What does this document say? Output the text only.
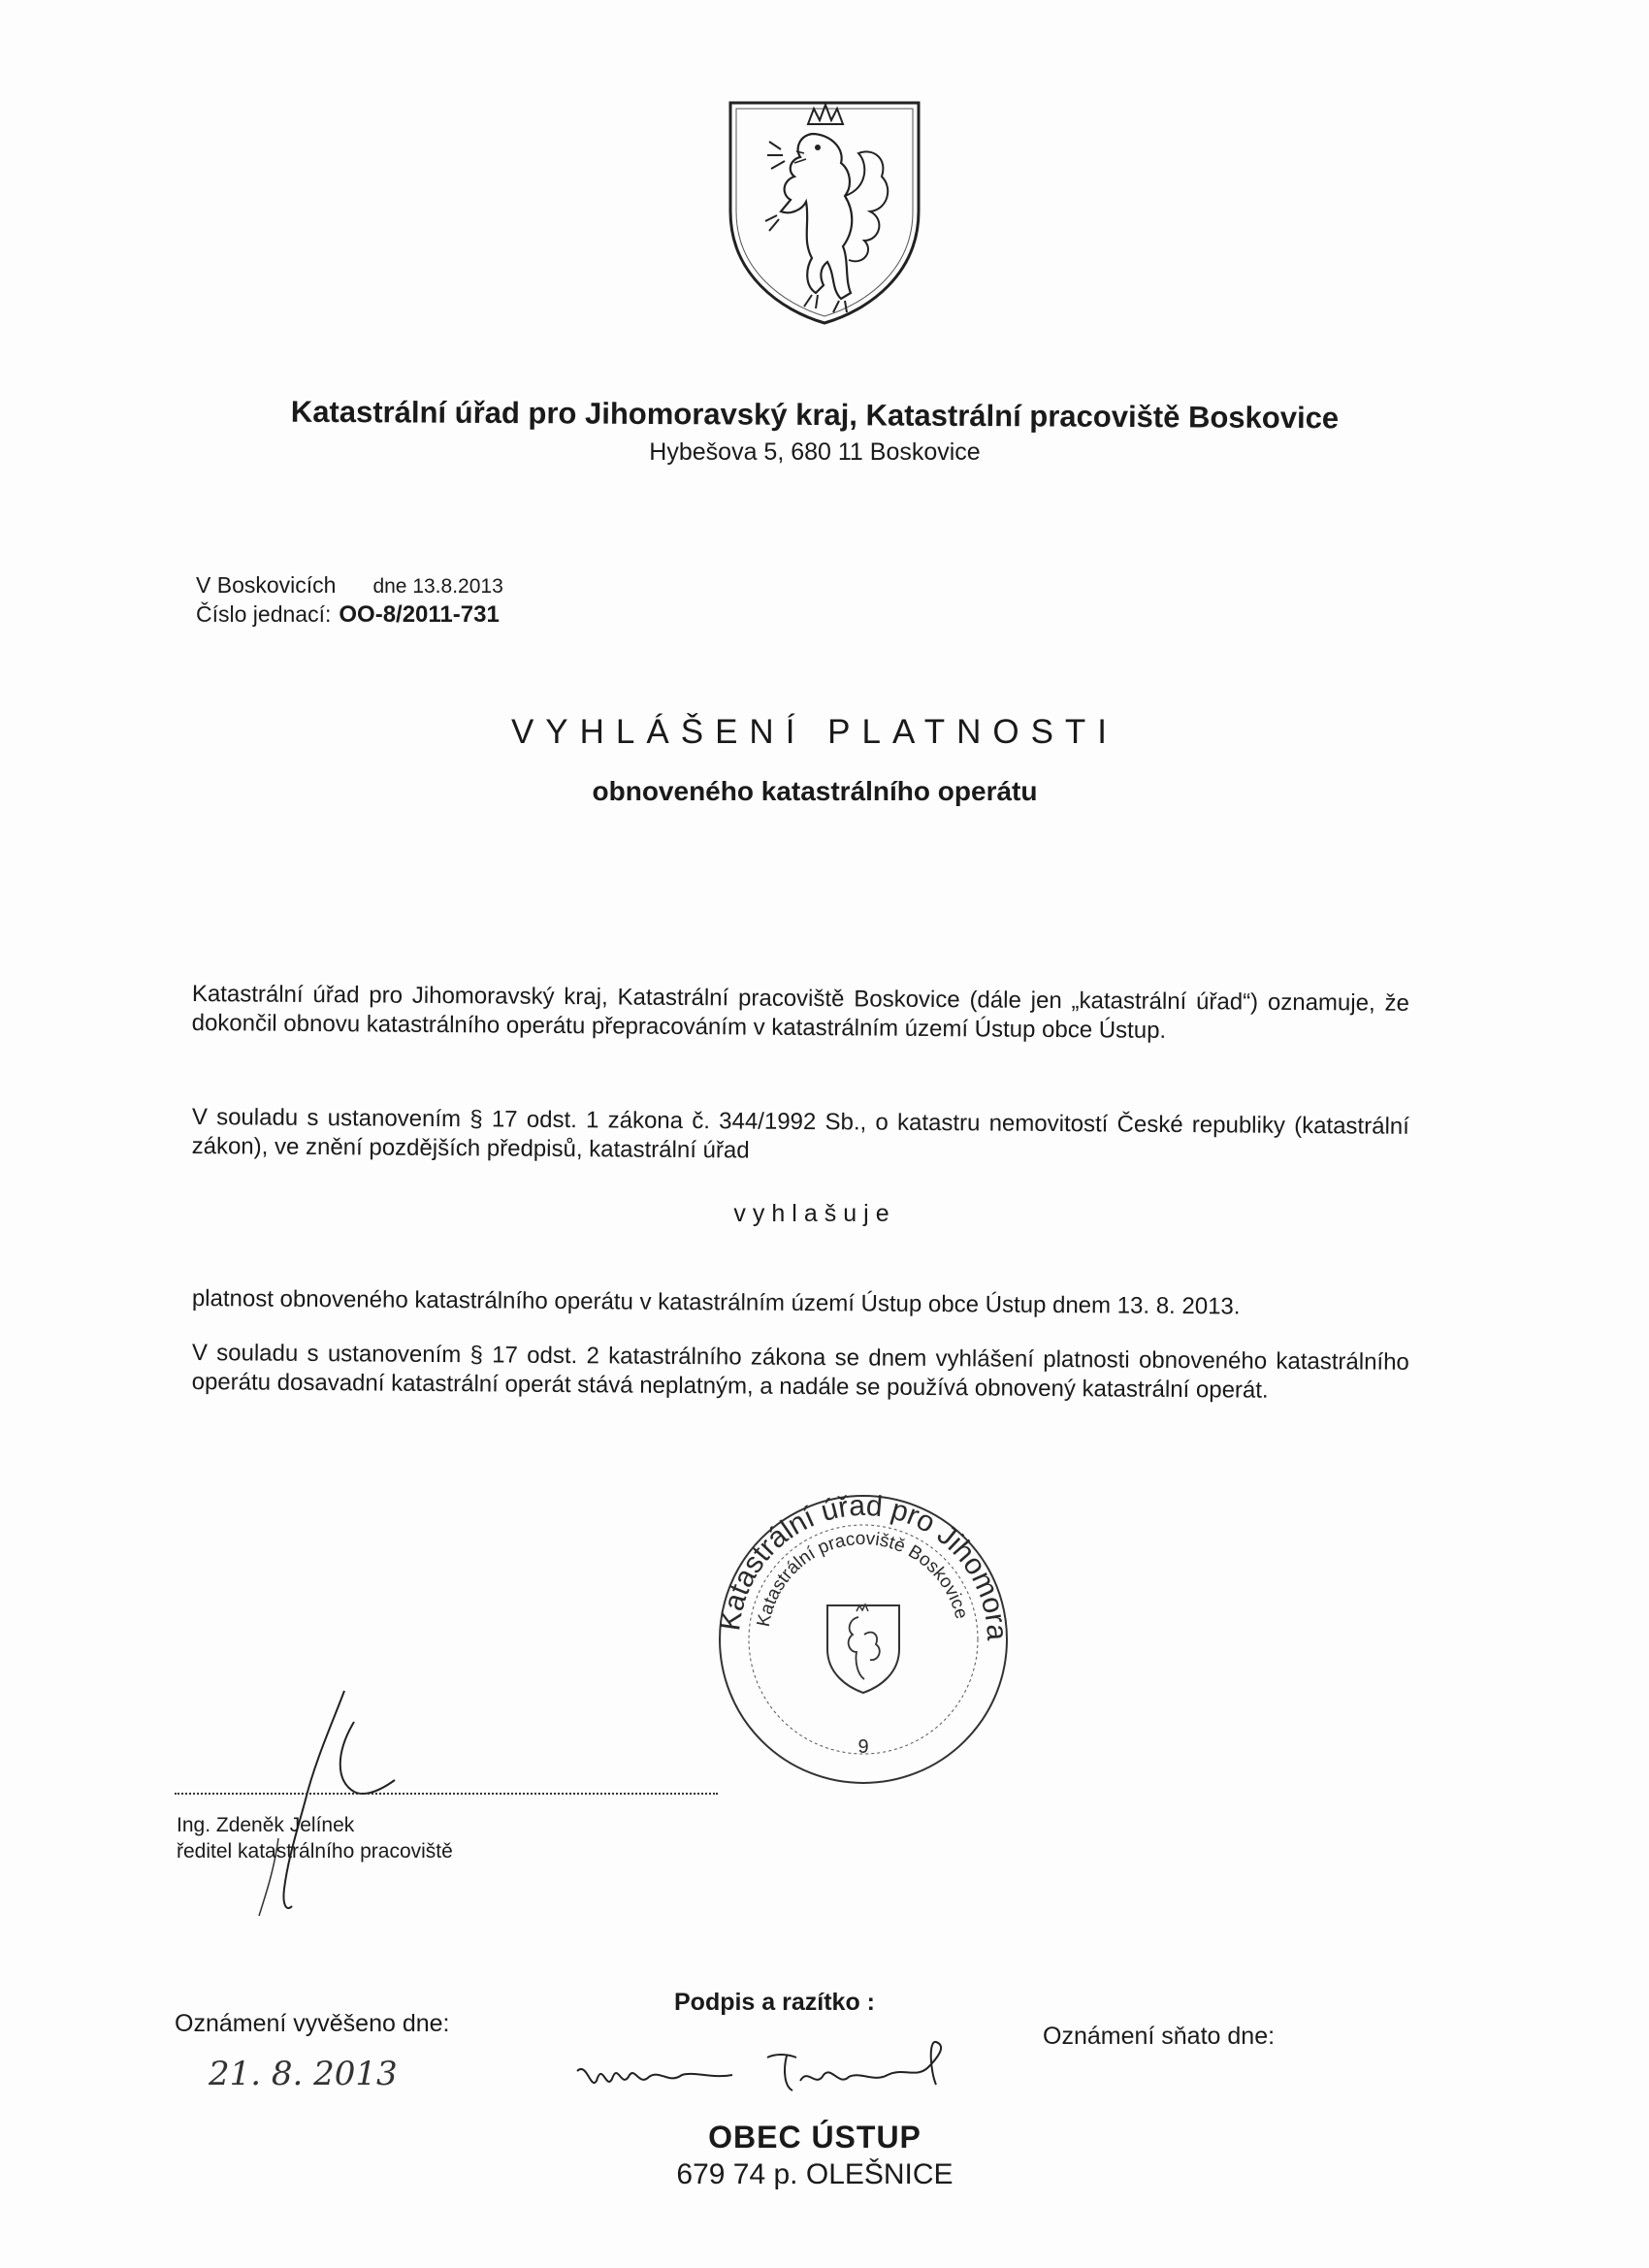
Katastrální úřad pro Jihomoravský kraj, Katastrální pracoviště Boskovice
Hybešova 5, 680 11 Boskovice
V Boskovicích dne 13.8.2013
Číslo jednací: OO-8/2011-731
VYHLÁŠENÍ PLATNOSTI
obnoveného katastrálního operátu
Katastrální úřad pro Jihomoravský kraj, Katastrální pracoviště Boskovice (dále jen „katastrální úřad“) oznamuje, že dokončil obnovu katastrálního operátu přepracováním v katastrálním území Ústup obce Ústup.
V souladu s ustanovením § 17 odst. 1 zákona č. 344/1992 Sb., o katastru nemovitostí České republiky (katastrální zákon), ve znění pozdějších předpisů, katastrální úřad
vyhlašuje
platnost obnoveného katastrálního operátu v katastrálním území Ústup obce Ústup dnem 13. 8. 2013.
V souladu s ustanovením § 17 odst. 2 katastrálního zákona se dnem vyhlášení platnosti obnoveného katastrálního operátu dosavadní katastrální operát stává neplatným, a nadále se používá obnovený katastrální operát.
Katastrální úřad pro Jihomora
Katastrální pracoviště Boskovice
9
Ing. Zdeněk Jelínek
ředitel katastrálního pracoviště
Oznámení vyvěšeno dne:
21. 8. 2013
Podpis a razítko :
Oznámení sňato dne:
OBEC ÚSTUP
679 74 p. OLEŠNICE
